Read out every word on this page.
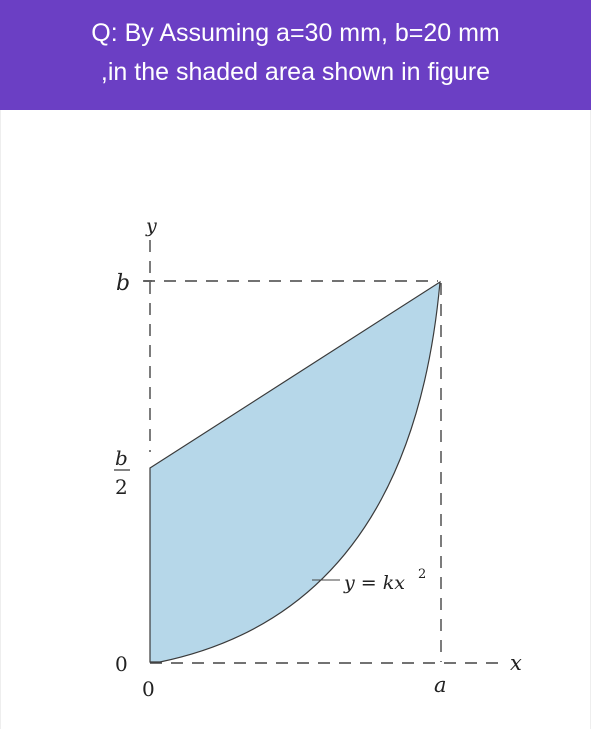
Q: By Assuming a=30 mm, b=20 mm
,in the shaded area shown in figure
y
b
b
2
0
0	a
x
y = kx 2
